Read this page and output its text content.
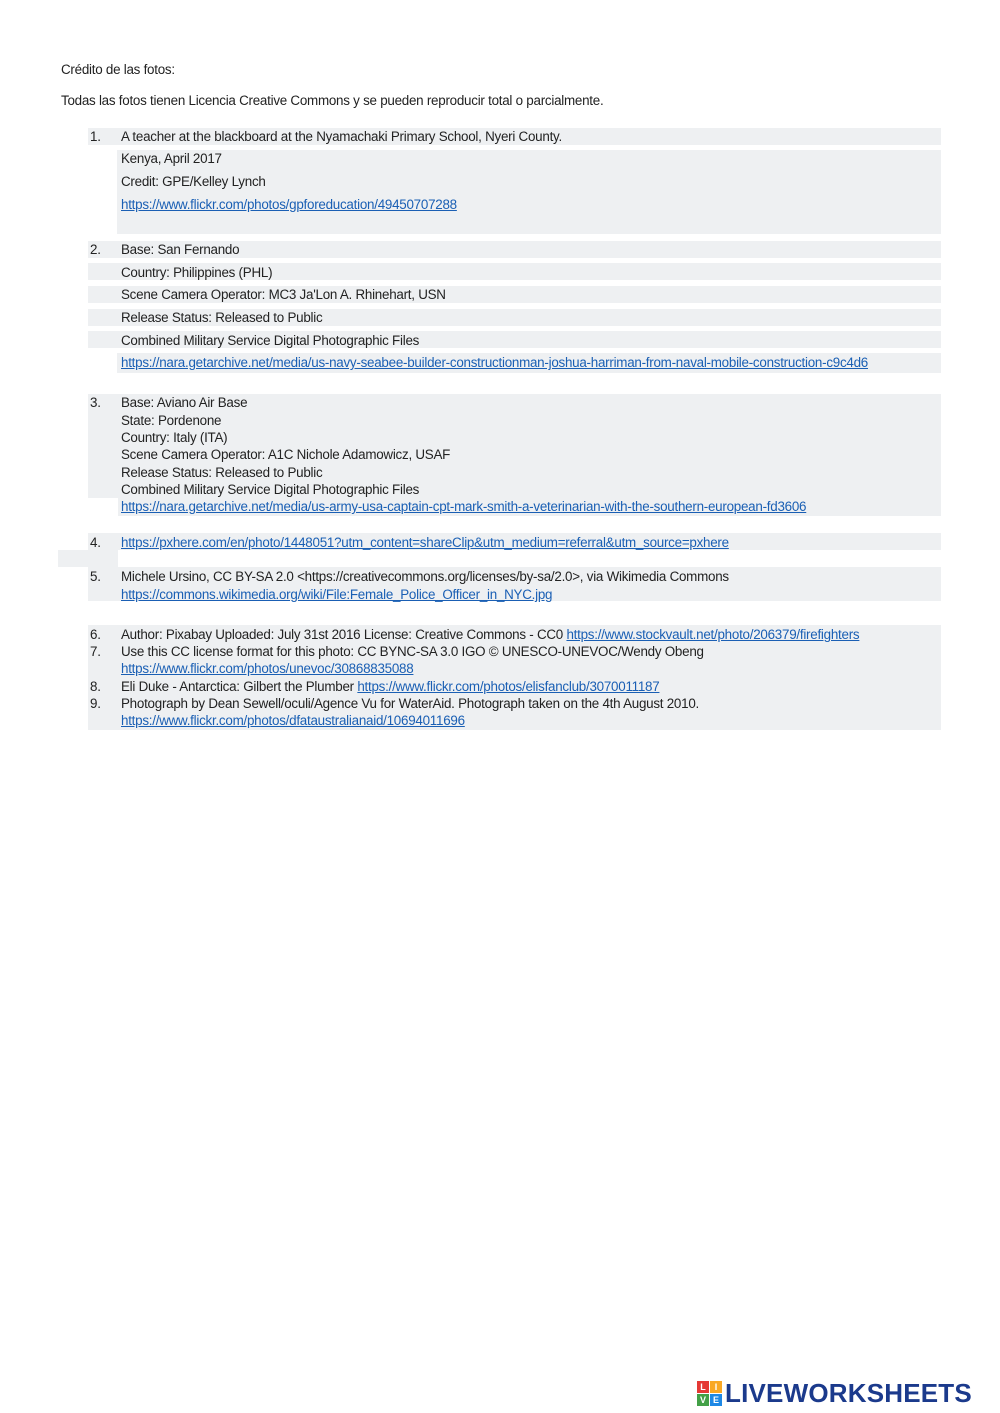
Crédito de las fotos:
Todas las fotos tienen Licencia Creative Commons y se pueden reproducir total o parcialmente.
1. A teacher at the blackboard at the Nyamachaki Primary School, Nyeri County.
Kenya, April 2017
Credit: GPE/Kelley Lynch
https://www.flickr.com/photos/gpforeducation/49450707288
2. Base: San Fernando
Country: Philippines (PHL)
Scene Camera Operator: MC3 Ja'Lon A. Rhinehart, USN
Release Status: Released to Public
Combined Military Service Digital Photographic Files
https://nara.getarchive.net/media/us-navy-seabee-builder-constructionman-joshua-harriman-from-naval-mobile-construction-c9c4d6
3. Base: Aviano Air Base
State: Pordenone
Country: Italy (ITA)
Scene Camera Operator: A1C Nichole Adamowicz, USAF
Release Status: Released to Public
Combined Military Service Digital Photographic Files
https://nara.getarchive.net/media/us-army-usa-captain-cpt-mark-smith-a-veterinarian-with-the-southern-european-fd3606
4. https://pxhere.com/en/photo/1448051?utm_content=shareClip&utm_medium=referral&utm_source=pxhere
5. Michele Ursino, CC BY-SA 2.0 <https://creativecommons.org/licenses/by-sa/2.0>, via Wikimedia Commons
https://commons.wikimedia.org/wiki/File:Female_Police_Officer_in_NYC.jpg
6. Author: Pixabay Uploaded: July 31st 2016 License: Creative Commons - CC0 https://www.stockvault.net/photo/206379/firefighters
7. Use this CC license format for this photo: CC BYNC-SA 3.0 IGO © UNESCO-UNEVOC/Wendy Obeng
https://www.flickr.com/photos/unevoc/30868835088
8. Eli Duke - Antarctica: Gilbert the Plumber https://www.flickr.com/photos/elisfanclub/3070011187
9. Photograph by Dean Sewell/oculi/Agence Vu for WaterAid. Photograph taken on the 4th August 2010.
https://www.flickr.com/photos/dfataustralianaid/10694011696
L I
V E LIVEWORKSHEETS
